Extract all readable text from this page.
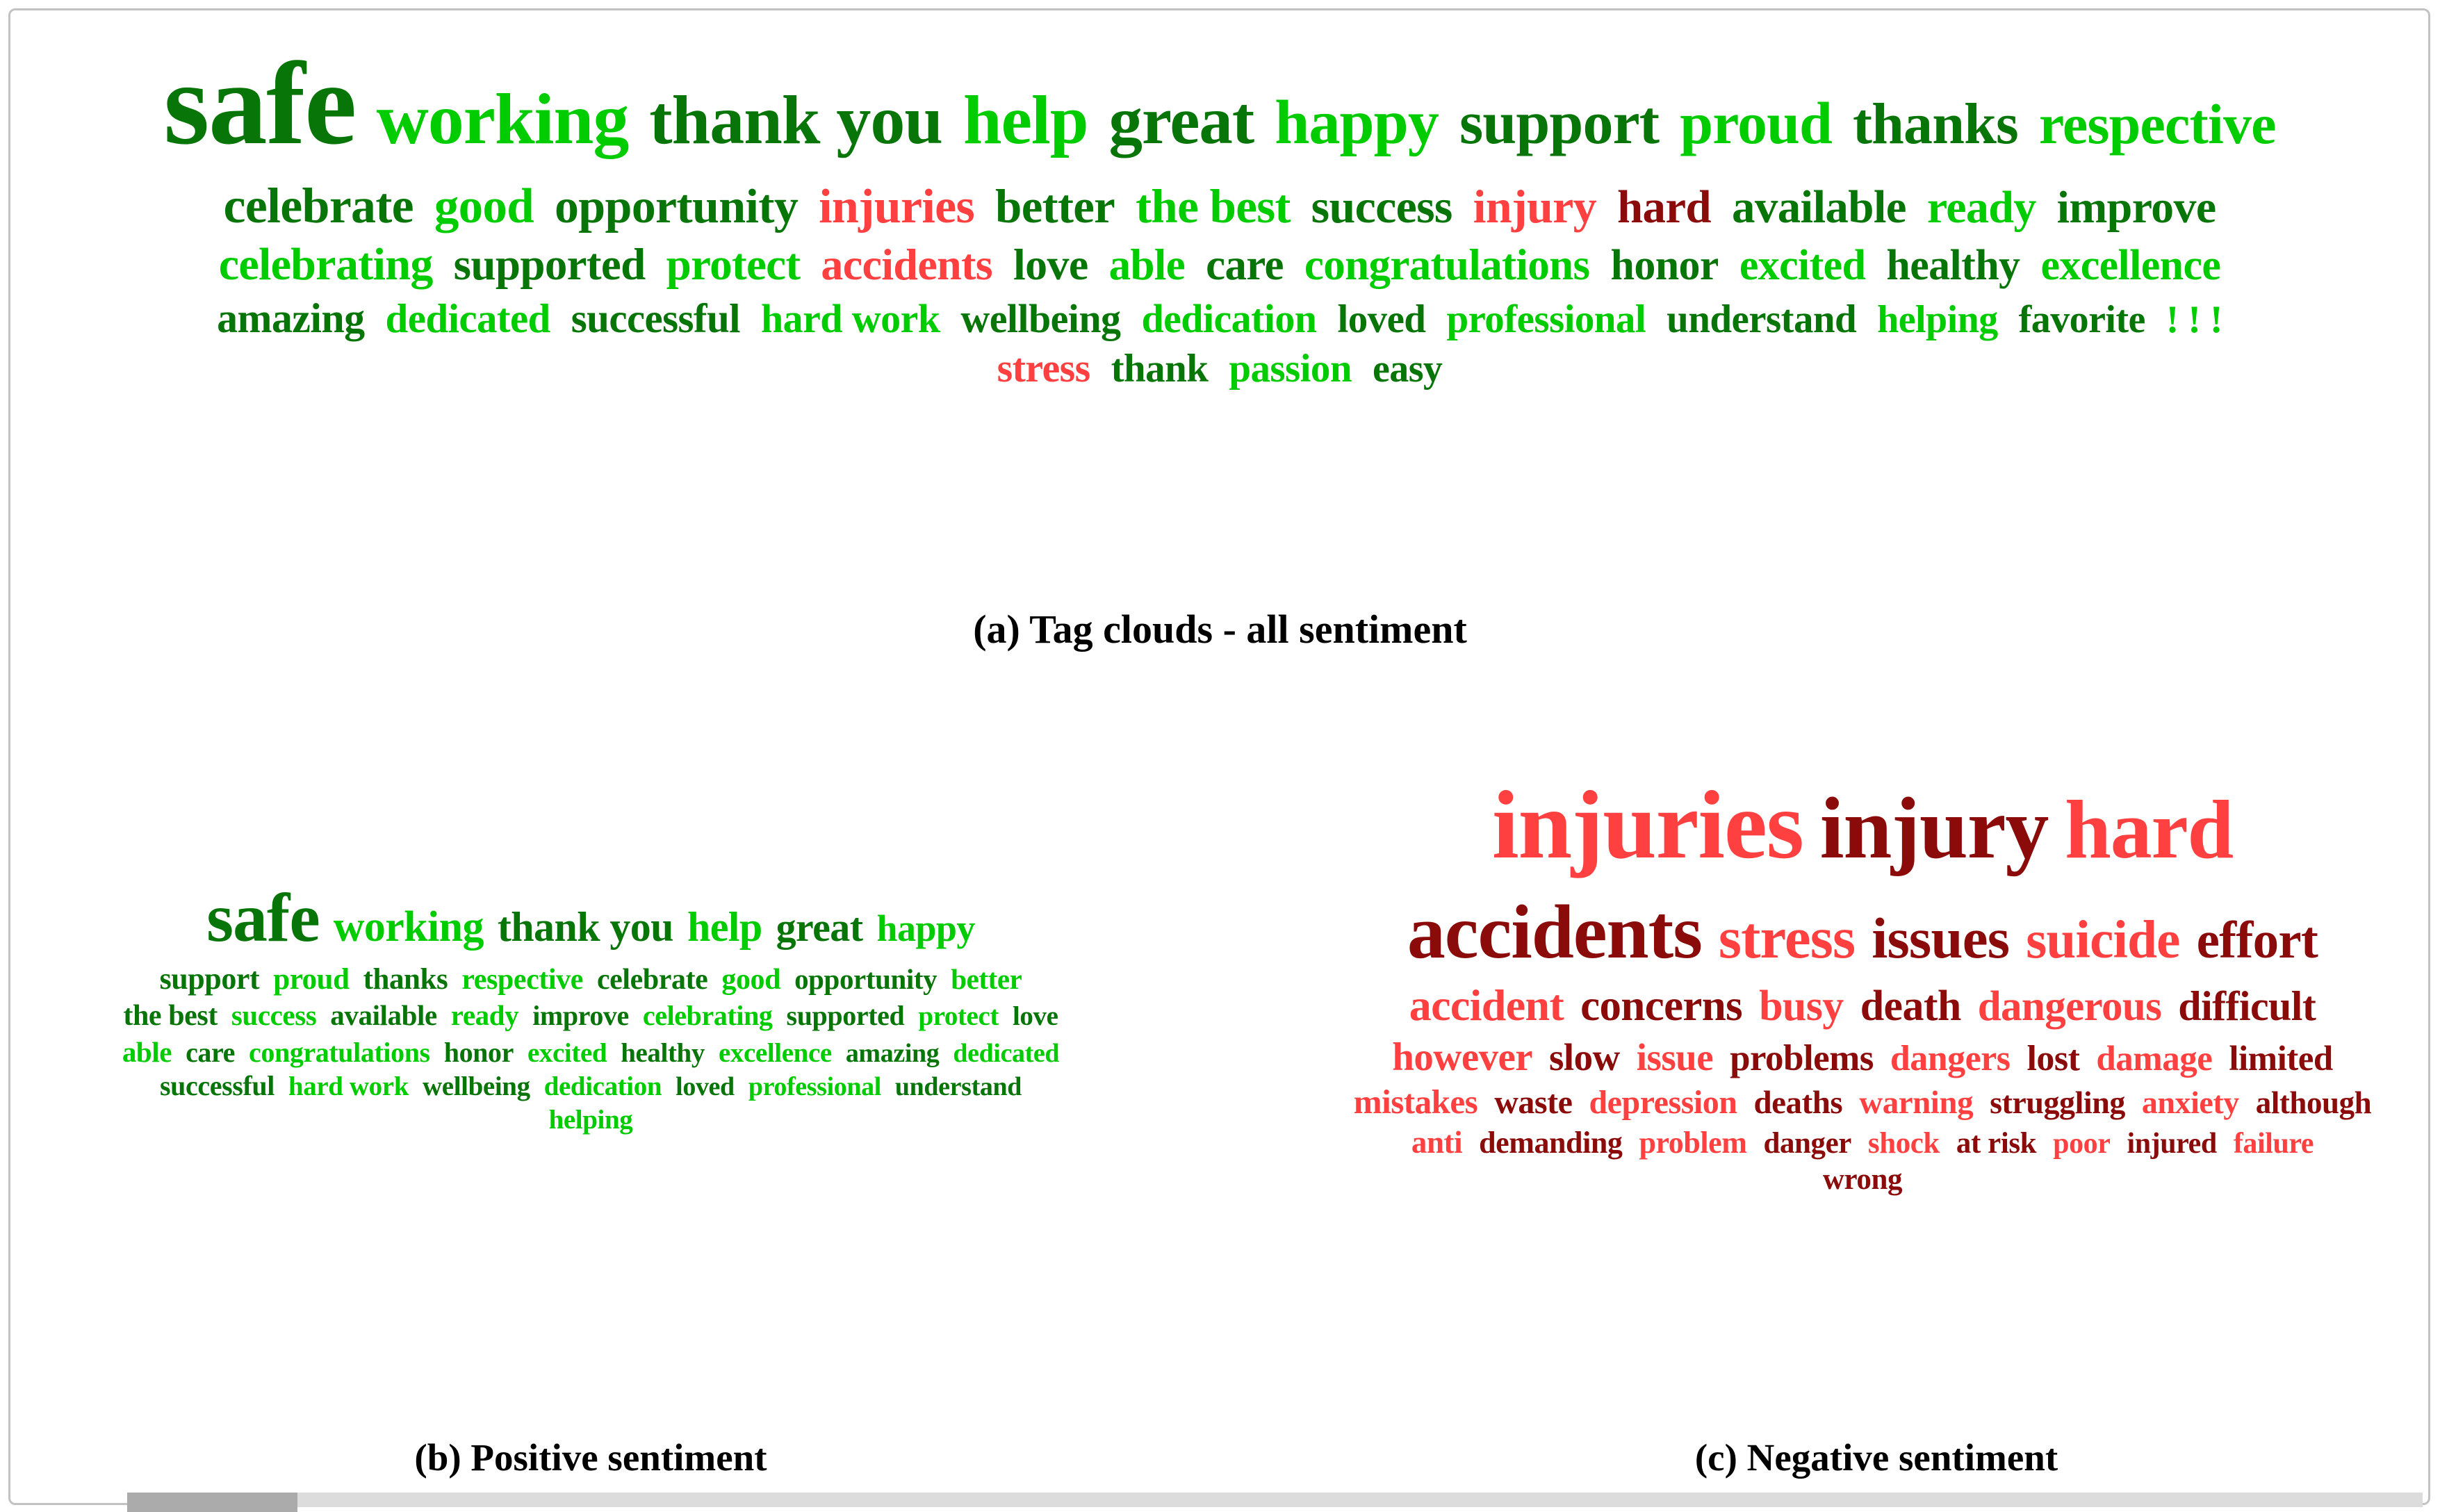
safe working thank you help great happy support proud thanks respective
celebrate good opportunity injuries better the best success injury hard available ready improve
celebrating supported protect accidents love able care congratulations honor excited healthy excellence
amazing dedicated successful hard work wellbeing dedication loved professional understand helping favorite ! ! !
stress thank passion easy
(a) Tag clouds - all sentiment
safe working thank you help great happy
support proud thanks respective celebrate good opportunity better
the best success available ready improve celebrating supported protect love
able care congratulations honor excited healthy excellence amazing dedicated
successful hard work wellbeing dedication loved professional understand
helping
injuries injury hard
accidents stress issues suicide effort
accident concerns busy death dangerous difficult
however slow issue problems dangers lost damage limited
mistakes waste depression deaths warning struggling anxiety although
anti demanding problem danger shock at risk poor injured failure
wrong
(b) Positive sentiment	(c) Negative sentiment
